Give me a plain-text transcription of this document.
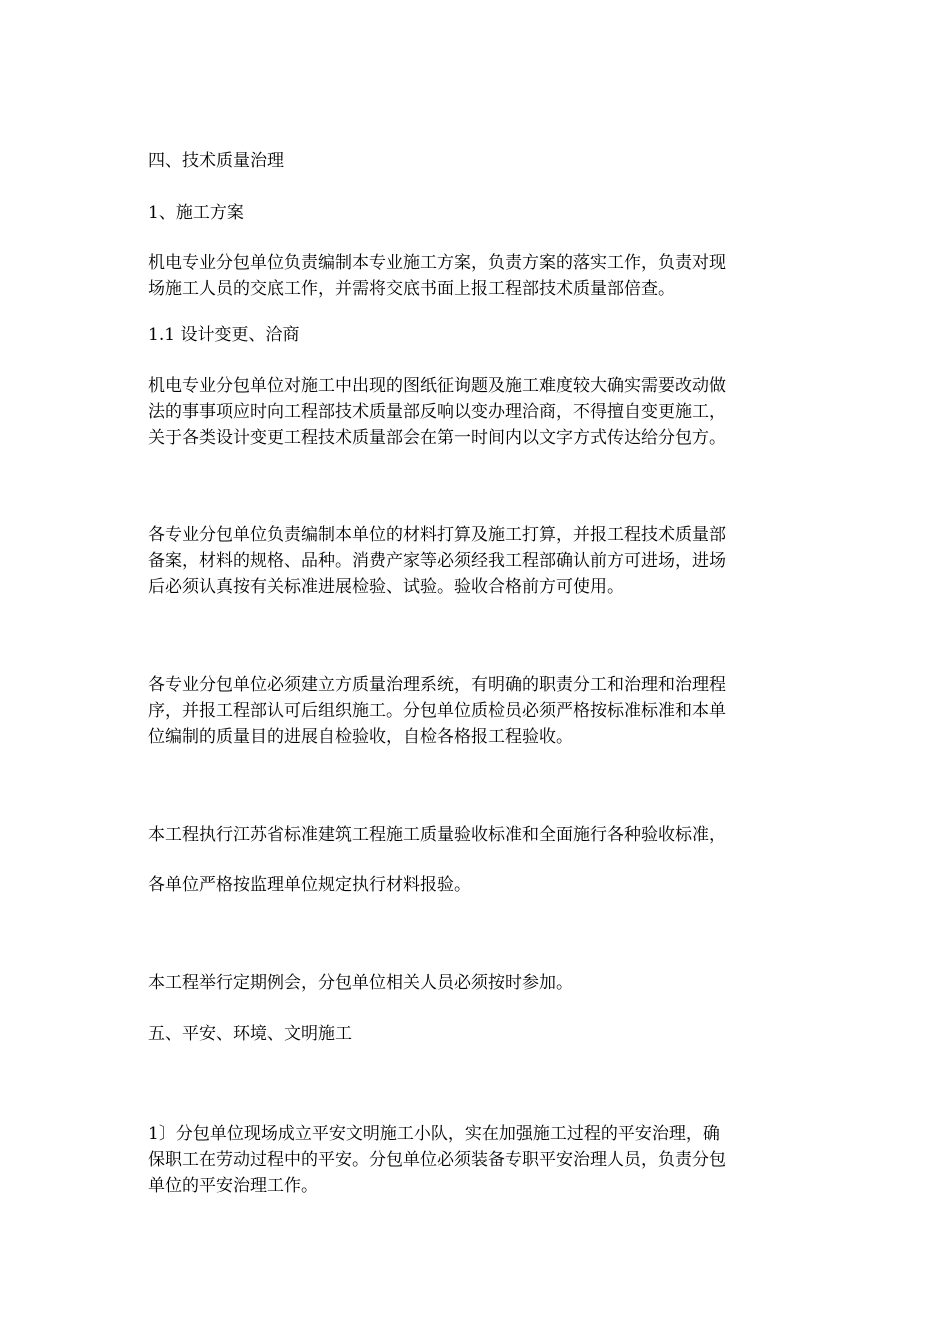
四、技术质量治理

1、施工方案

机电专业分包单位负责编制本专业施工方案，负责方案的落实工作，负责对现
场施工人员的交底工作，并需将交底书面上报工程部技术质量部倍查。

1.1 设计变更、洽商

机电专业分包单位对施工中出现的图纸征询题及施工难度较大确实需要改动做
法的事事项应时向工程部技术质量部反响以变办理洽商，不得擅自变更施工，
关于各类设计变更工程技术质量部会在第一时间内以文字方式传达给分包方。

各专业分包单位负责编制本单位的材料打算及施工打算，并报工程技术质量部
备案，材料的规格、品种。消费产家等必须经我工程部确认前方可进场，进场
后必须认真按有关标准进展检验、试验。验收合格前方可使用。

各专业分包单位必须建立方质量治理系统，有明确的职责分工和治理和治理程
序，并报工程部认可后组织施工。分包单位质检员必须严格按标准标准和本单
位编制的质量目的进展自检验收，自检各格报工程验收。

本工程执行江苏省标准建筑工程施工质量验收标准和全面施行各种验收标准，

各单位严格按监理单位规定执行材料报验。

本工程举行定期例会，分包单位相关人员必须按时参加。

五、平安、环境、文明施工

1〕分包单位现场成立平安文明施工小队，实在加强施工过程的平安治理，确
保职工在劳动过程中的平安。分包单位必须装备专职平安治理人员，负责分包
单位的平安治理工作。
